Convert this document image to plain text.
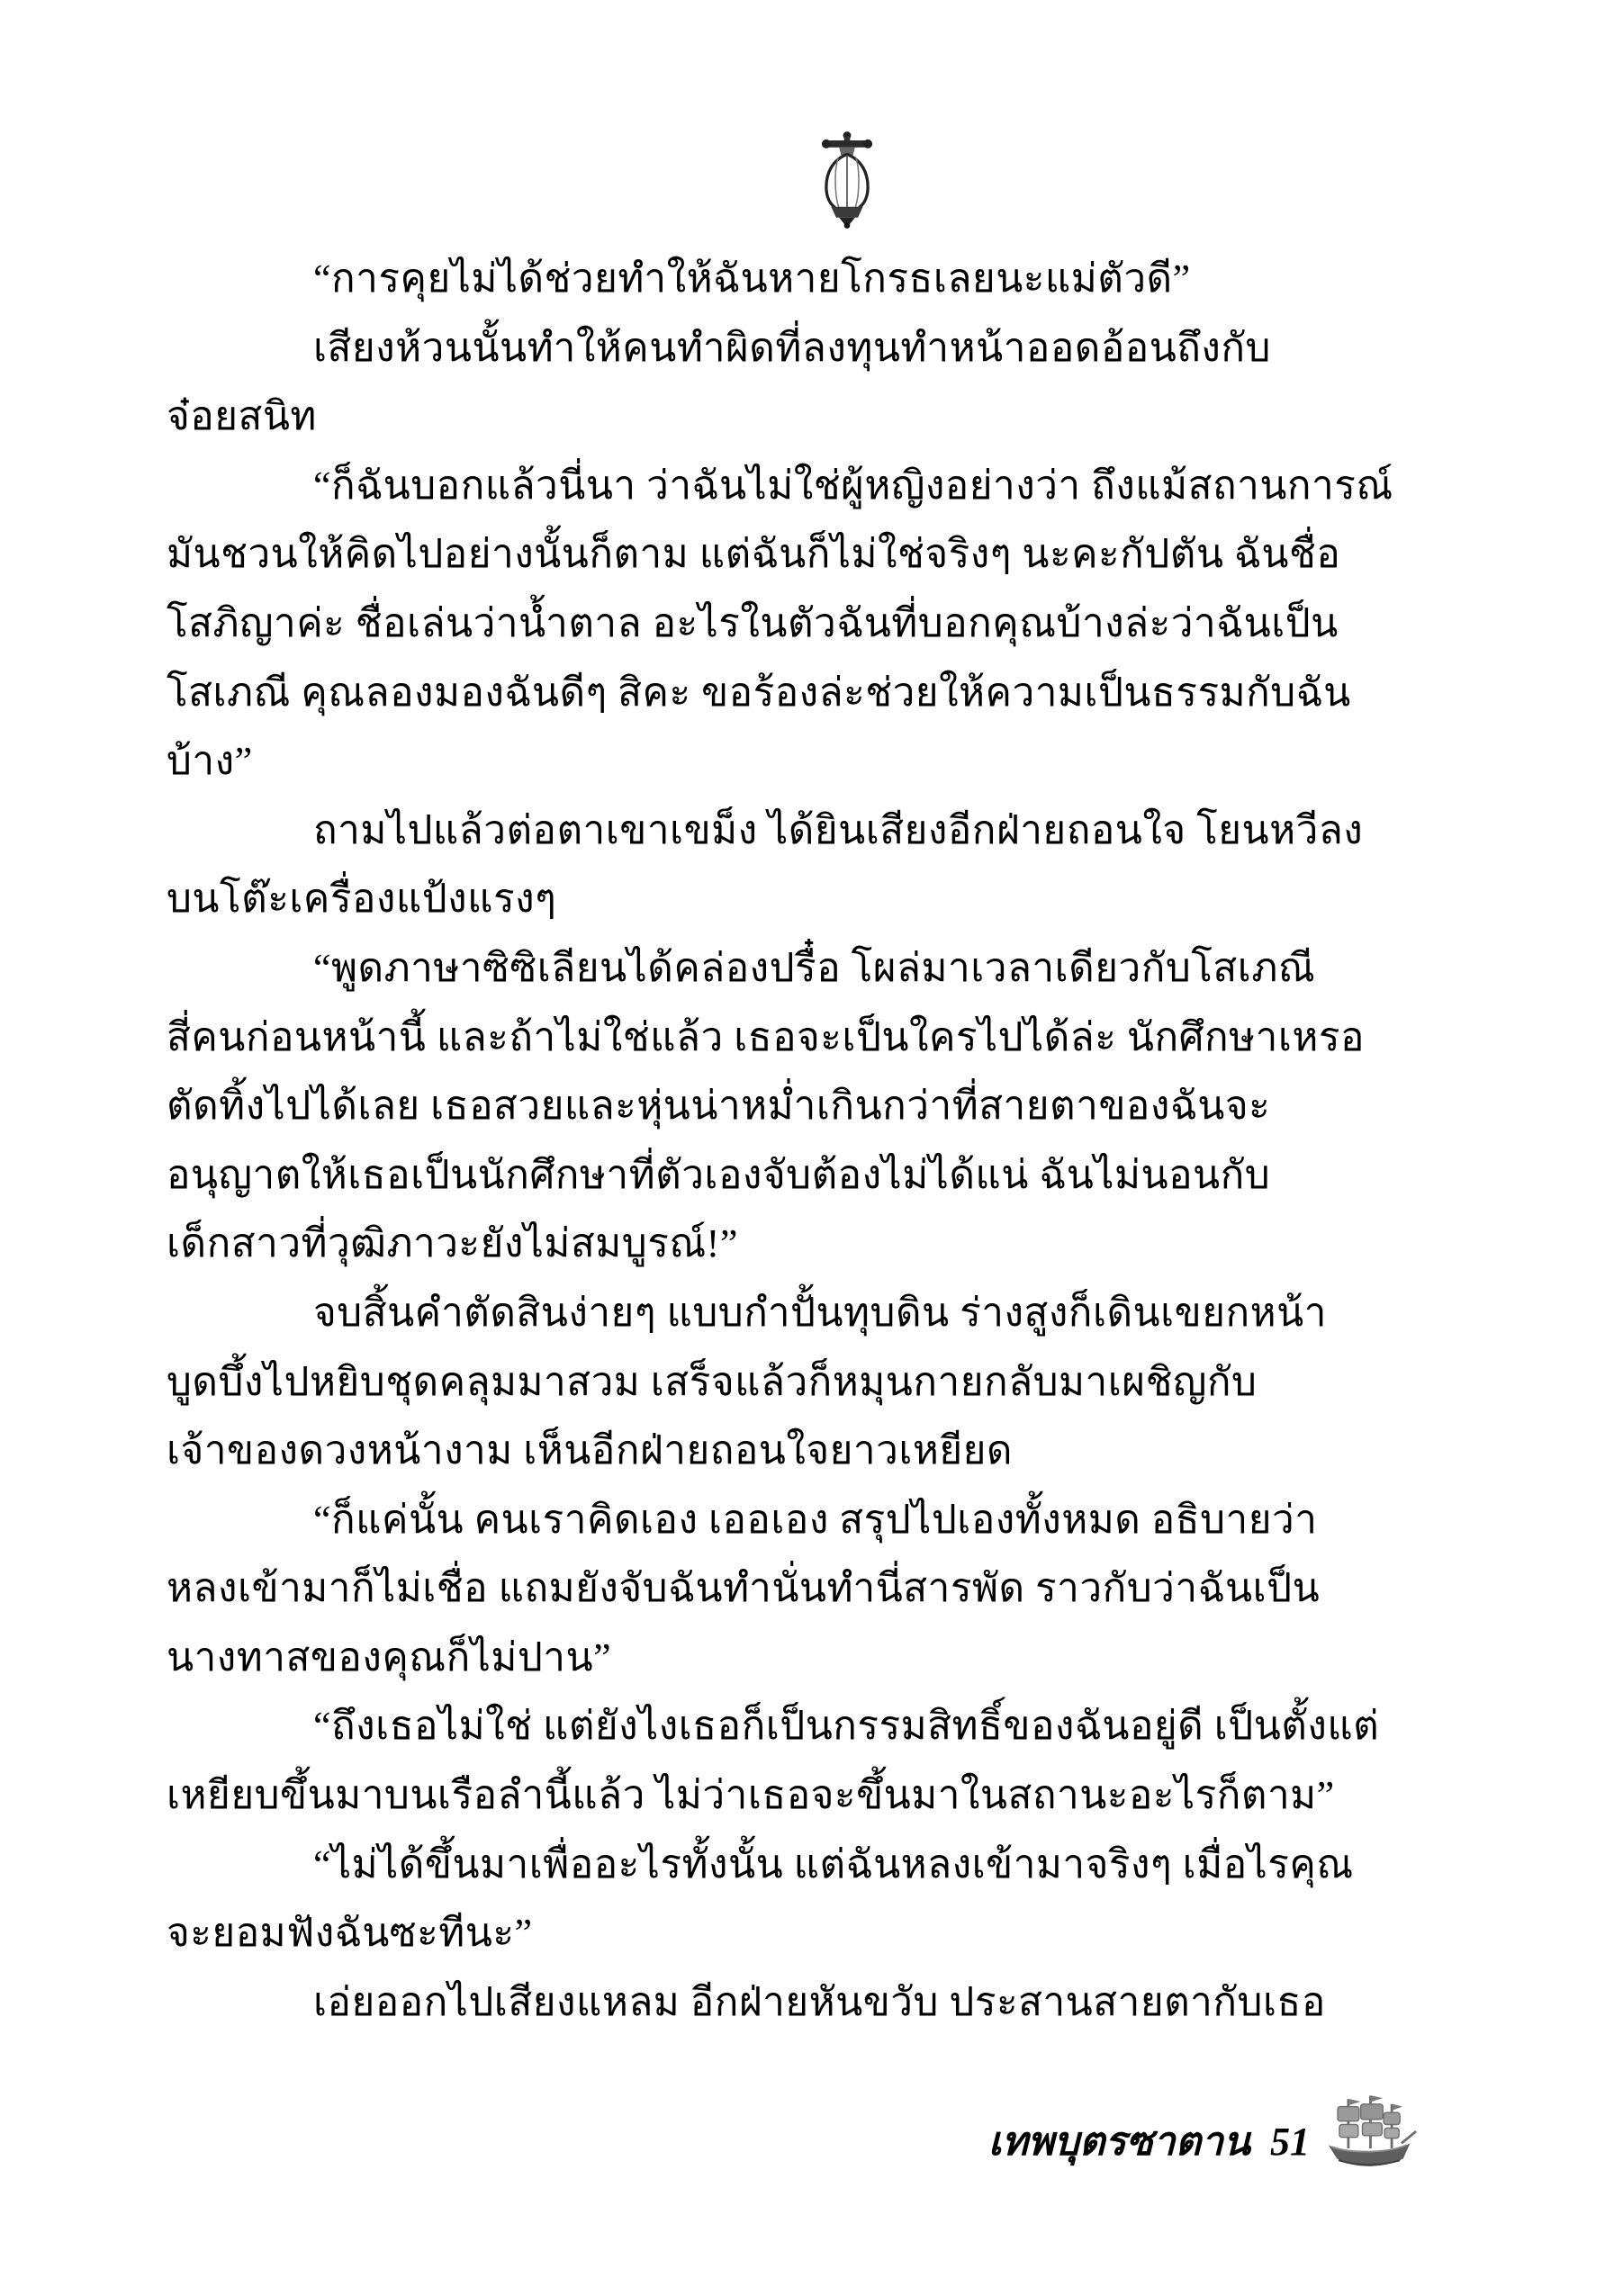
“การคุยไม่ได้ช่วยทำให้ฉันหายโกรธเลยนะแม่ตัวดี”
เสียงห้วนนั้นทำให้คนทำผิดที่ลงทุนทำหน้าออดอ้อนถึงกับ
จ๋อยสนิท
“ก็ฉันบอกแล้วนี่นา ว่าฉันไม่ใช่ผู้หญิงอย่างว่า ถึงแม้สถานการณ์
มันชวนให้คิดไปอย่างนั้นก็ตาม แต่ฉันก็ไม่ใช่จริงๆ นะคะกัปตัน ฉันชื่อ
โสภิญาค่ะ ชื่อเล่นว่าน้ำตาล อะไรในตัวฉันที่บอกคุณบ้างล่ะว่าฉันเป็น
โสเภณี คุณลองมองฉันดีๆ สิคะ ขอร้องล่ะช่วยให้ความเป็นธรรมกับฉัน
บ้าง”
ถามไปแล้วต่อตาเขาเขม็ง ได้ยินเสียงอีกฝ่ายถอนใจ โยนหวีลง
บนโต๊ะเครื่องแป้งแรงๆ
“พูดภาษาซิซิเลียนได้คล่องปรื๋อ โผล่มาเวลาเดียวกับโสเภณี
สี่คนก่อนหน้านี้ และถ้าไม่ใช่แล้ว เธอจะเป็นใครไปได้ล่ะ นักศึกษาเหรอ
ตัดทิ้งไปได้เลย เธอสวยและหุ่นน่าหม่ำเกินกว่าที่สายตาของฉันจะ
อนุญาตให้เธอเป็นนักศึกษาที่ตัวเองจับต้องไม่ได้แน่ ฉันไม่นอนกับ
เด็กสาวที่วุฒิภาวะยังไม่สมบูรณ์!”
จบสิ้นคำตัดสินง่ายๆ แบบกำปั้นทุบดิน ร่างสูงก็เดินเขยกหน้า
บูดบึ้งไปหยิบชุดคลุมมาสวม เสร็จแล้วก็หมุนกายกลับมาเผชิญกับ
เจ้าของดวงหน้างาม เห็นอีกฝ่ายถอนใจยาวเหยียด
“ก็แค่นั้น คนเราคิดเอง เออเอง สรุปไปเองทั้งหมด อธิบายว่า
หลงเข้ามาก็ไม่เชื่อ แถมยังจับฉันทำนั่นทำนี่สารพัด ราวกับว่าฉันเป็น
นางทาสของคุณก็ไม่ปาน”
“ถึงเธอไม่ใช่ แต่ยังไงเธอก็เป็นกรรมสิทธิ์ของฉันอยู่ดี เป็นตั้งแต่
เหยียบขึ้นมาบนเรือลำนี้แล้ว ไม่ว่าเธอจะขึ้นมาในสถานะอะไรก็ตาม”
“ไม่ได้ขึ้นมาเพื่ออะไรทั้งนั้น แต่ฉันหลงเข้ามาจริงๆ เมื่อไรคุณ
จะยอมฟังฉันซะทีนะ”
เอ่ยออกไปเสียงแหลม อีกฝ่ายหันขวับ ประสานสายตากับเธอ
เทพบุตรซาตาน 51
